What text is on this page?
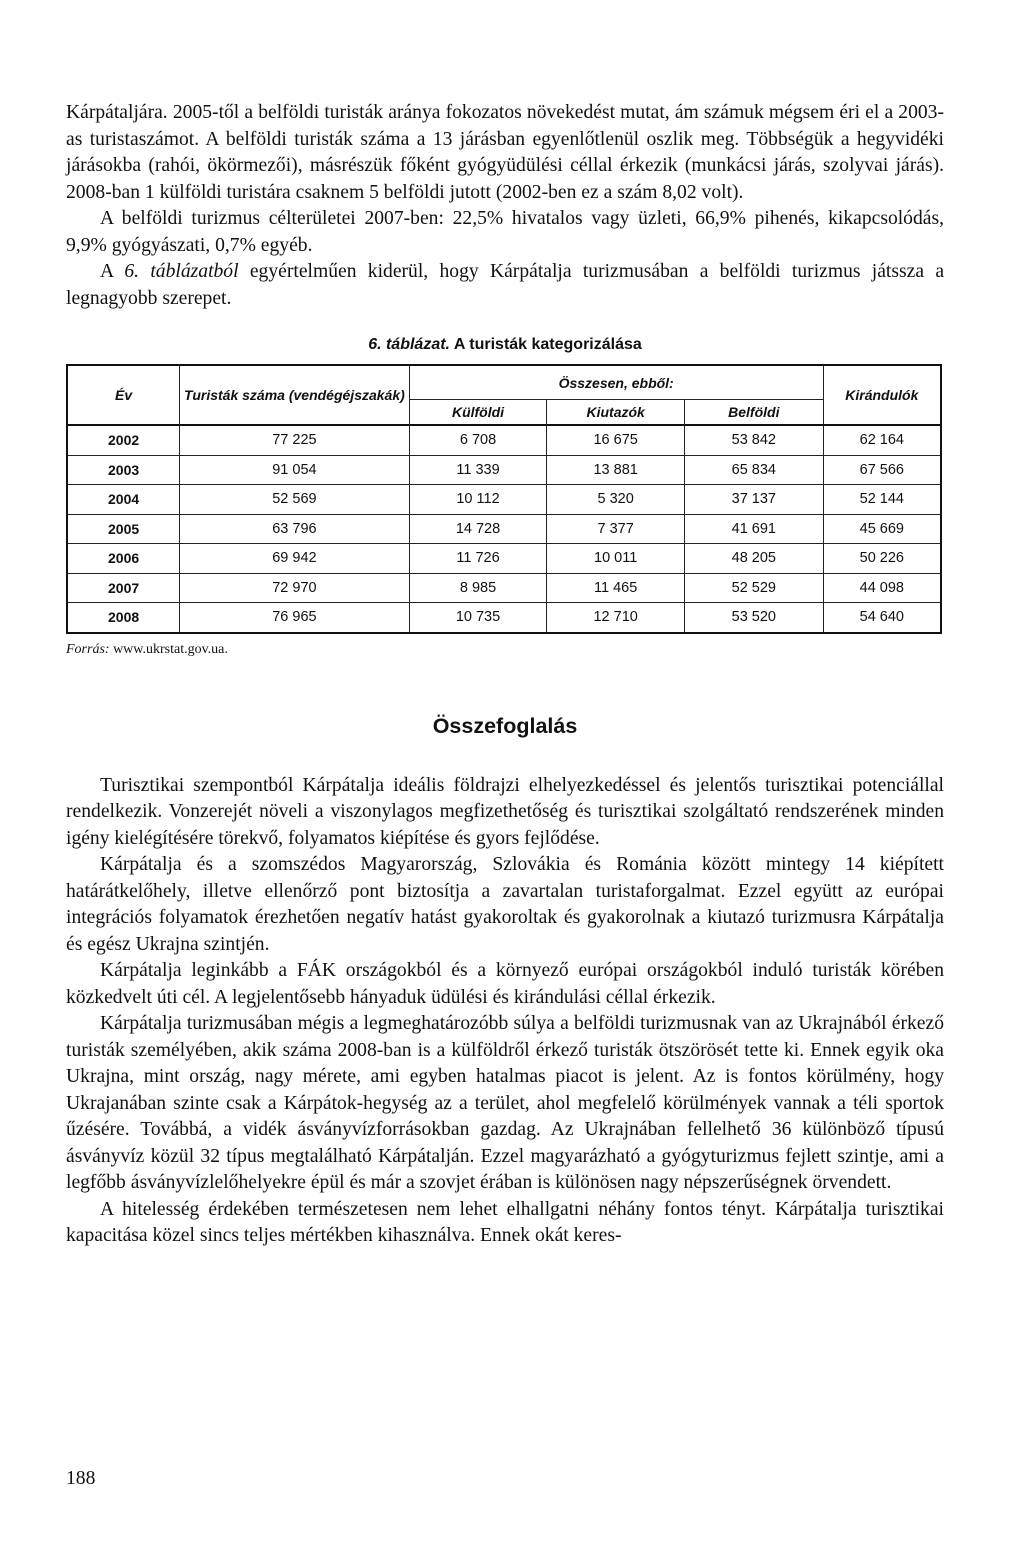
Kárpátaljára. 2005-től a belföldi turisták aránya fokozatos növekedést mutat, ám számuk mégsem éri el a 2003-as turistaszámot. A belföldi turisták száma a 13 járásban egyenlőtlenül oszlik meg. Többségük a hegyvidéki járásokba (rahói, ökörmezői), másrészük főként gyógyüdülési céllal érkezik (munkácsi járás, szolyvai járás). 2008-ban 1 külföldi turistára csaknem 5 belföldi jutott (2002-ben ez a szám 8,02 volt).

A belföldi turizmus célterületei 2007-ben: 22,5% hivatalos vagy üzleti, 66,9% pihenés, kikapcsolódás, 9,9% gyógyászati, 0,7% egyéb.

A 6. táblázatból egyértelműen kiderül, hogy Kárpátalja turizmusában a belföldi turizmus játssza a legnagyobb szerepet.

6. táblázat. A turisták kategorizálása
Év	Turisták száma (vendégéjszakák)	Összesen, ebből:			Kirándulók
		Külföldi	Kiutazók	Belföldi	
2002	77 225	6 708	16 675	53 842	62 164
2003	91 054	11 339	13 881	65 834	67 566
2004	52 569	10 112	5 320	37 137	52 144
2005	63 796	14 728	7 377	41 691	45 669
2006	69 942	11 726	10 011	48 205	50 226
2007	72 970	8 985	11 465	52 529	44 098
2008	76 965	10 735	12 710	53 520	54 640
Forrás: www.ukrstat.gov.ua.
Összefoglalás

Turisztikai szempontból Kárpátalja ideális földrajzi elhelyezkedéssel és jelentős turisztikai potenciállal rendelkezik. Vonzerejét növeli a viszonylagos megfizethetőség és turisztikai szolgáltató rendszerének minden igény kielégítésére törekvő, folyamatos kiépítése és gyors fejlődése.

Kárpátalja és a szomszédos Magyarország, Szlovákia és Románia között mintegy 14 kiépített határátkelőhely, illetve ellenőrző pont biztosítja a zavartalan turistaforgalmat. Ezzel együtt az európai integrációs folyamatok érezhetően negatív hatást gyakoroltak és gyakorolnak a kiutazó turizmusra Kárpátalja és egész Ukrajna szintjén.

Kárpátalja leginkább a FÁK országokból és a környező európai országokból induló turisták körében közkedvelt úti cél. A legjelentősebb hányaduk üdülési és kirándulási céllal érkezik.

Kárpátalja turizmusában mégis a legmeghatározóbb súlya a belföldi turizmusnak van az Ukrajnából érkező turisták személyében, akik száma 2008-ban is a külföldről érkező turisták ötszörösét tette ki. Ennek egyik oka Ukrajna, mint ország, nagy mérete, ami egyben hatalmas piacot is jelent. Az is fontos körülmény, hogy Ukrajanában szinte csak a Kárpátok-hegység az a terület, ahol megfelelő körülmények vannak a téli sportok űzésére. Továbbá, a vidék ásványvízforrásokban gazdag. Az Ukrajnában fellelhető 36 különböző típusú ásványvíz közül 32 típus megtalálható Kárpátalján. Ezzel magyarázható a gyógyturizmus fejlett szintje, ami a legfőbb ásványvízlelőhelyekre épül és már a szovjet érában is különösen nagy népszerűségnek örvendett.

A hitelesség érdekében természetesen nem lehet elhallgatni néhány fontos tényt. Kárpátalja turisztikai kapacitása közel sincs teljes mértékben kihasználva. Ennek okát keres-

188
